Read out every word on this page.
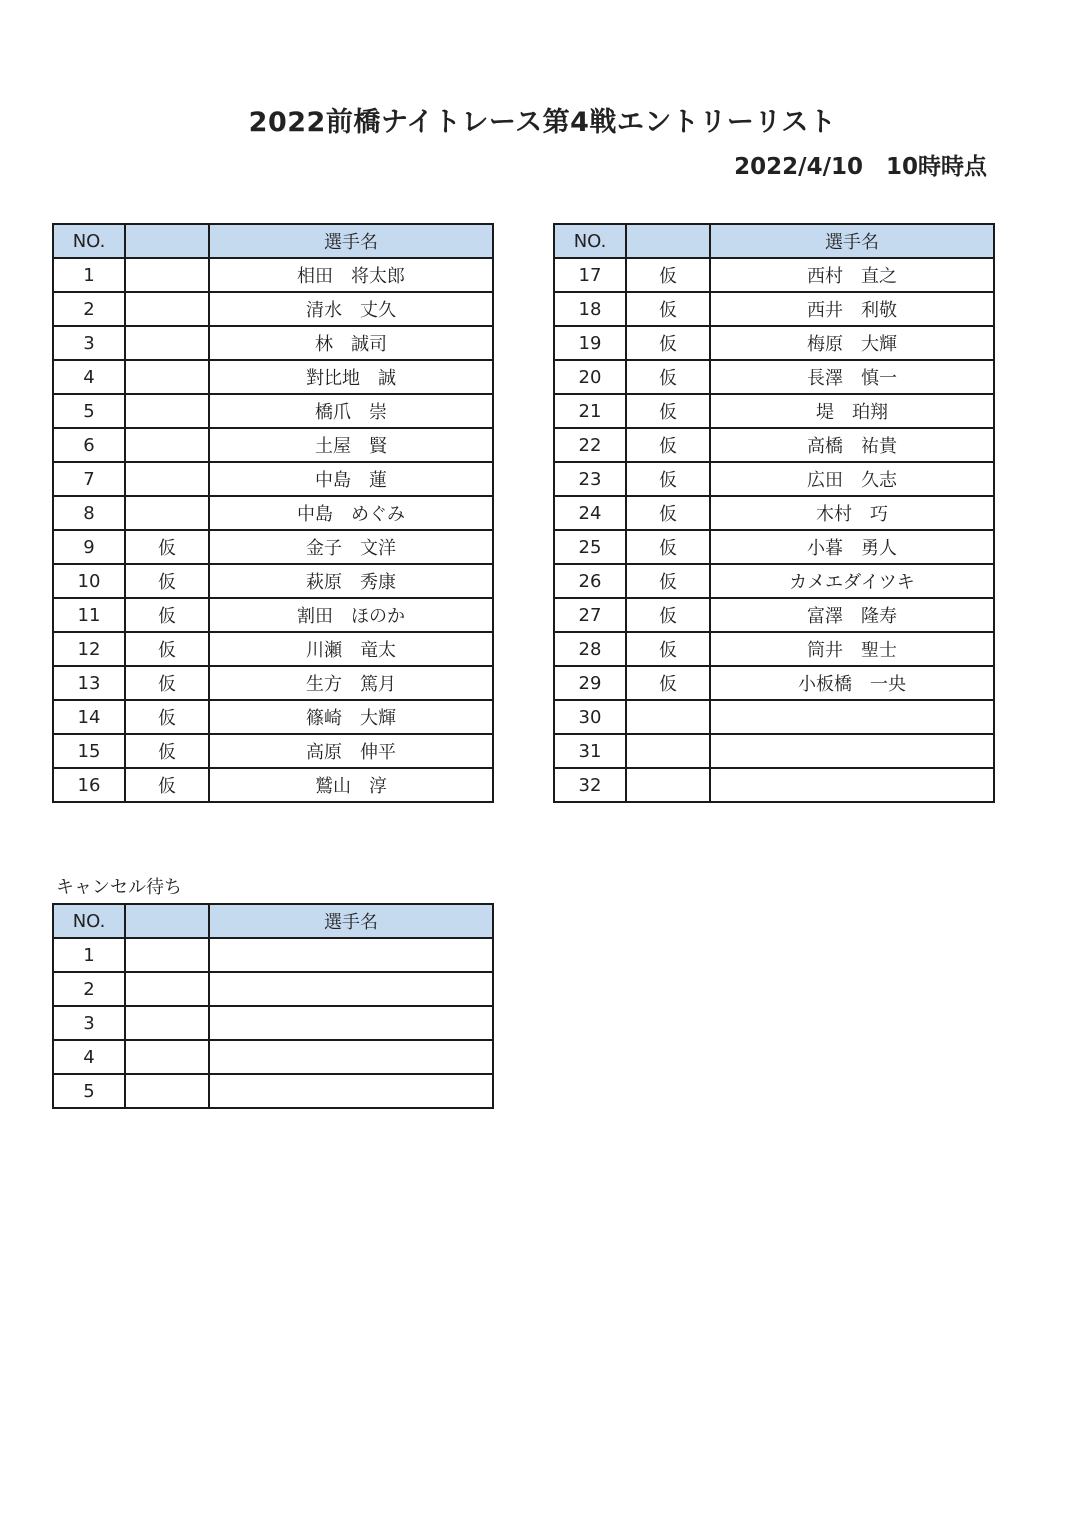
2022前橋ナイトレース第4戦エントリーリスト
2022/4/10　10時時点
NO.		選手名
1		相田　将太郎
2		清水　丈久
3		林　誠司
4		對比地　誠
5		橋爪　崇
6		土屋　賢
7		中島　蓮
8		中島　めぐみ
9	仮	金子　文洋
10	仮	萩原　秀康
11	仮	割田　ほのか
12	仮	川瀬　竜太
13	仮	生方　篤月
14	仮	篠崎　大輝
15	仮	高原　伸平
16	仮	鷲山　淳
NO.		選手名
17	仮	西村　直之
18	仮	西井　利敬
19	仮	梅原　大輝
20	仮	長澤　慎一
21	仮	堤　珀翔
22	仮	高橋　祐貴
23	仮	広田　久志
24	仮	木村　巧
25	仮	小暮　勇人
26	仮	カメエダイツキ
27	仮	富澤　隆寿
28	仮	筒井　聖士
29	仮	小板橋　一央
30		
31		
32		
キャンセル待ち
NO.		選手名
1		
2		
3		
4		
5		
